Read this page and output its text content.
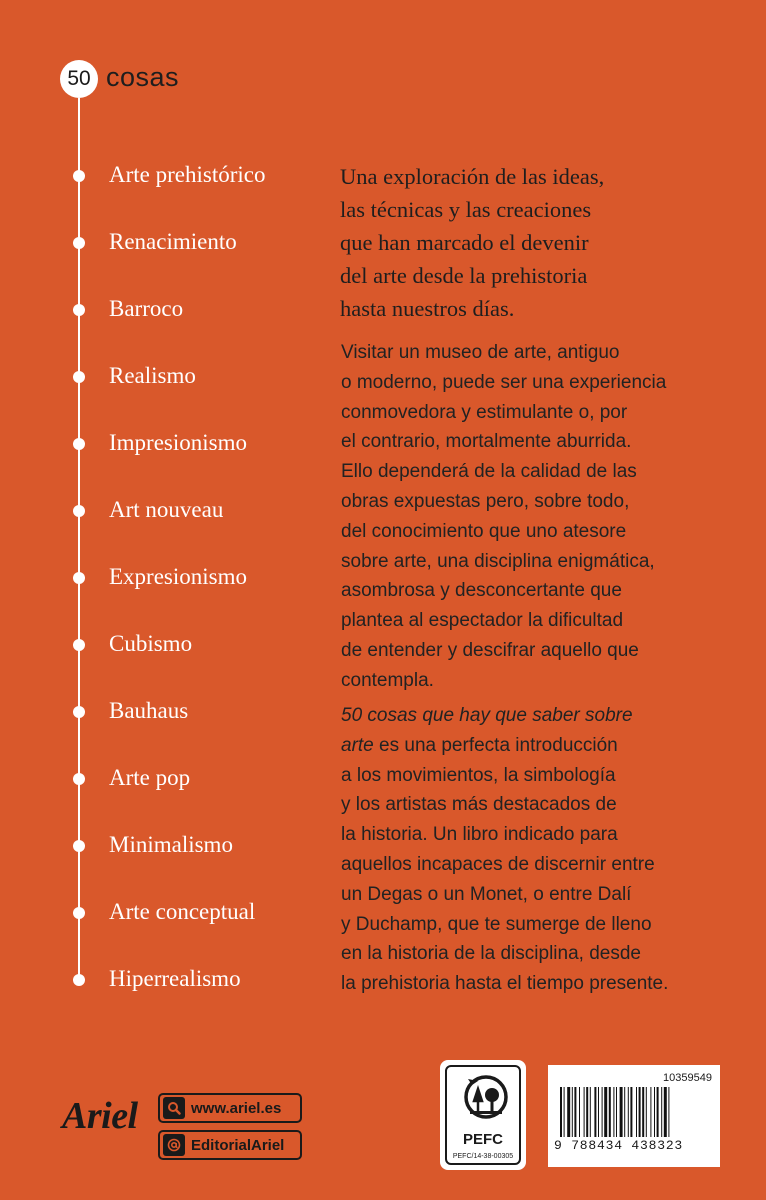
50 cosas
Arte prehistórico
Renacimiento
Barroco
Realismo
Impresionismo
Art nouveau
Expresionismo
Cubismo
Bauhaus
Arte pop
Minimalismo
Arte conceptual
Hiperrealismo
Una exploración de las ideas,
las técnicas y las creaciones
que han marcado el devenir
del arte desde la prehistoria
hasta nuestros días.
Visitar un museo de arte, antiguo
o moderno, puede ser una experiencia
conmovedora y estimulante o, por
el contrario, mortalmente aburrida.
Ello dependerá de la calidad de las
obras expuestas pero, sobre todo,
del conocimiento que uno atesore
sobre arte, una disciplina enigmática,
asombrosa y desconcertante que
plantea al espectador la dificultad
de entender y descifrar aquello que
contempla.
50 cosas que hay que saber sobre
arte es una perfecta introducción
a los movimientos, la simbología
y los artistas más destacados de
la historia. Un libro indicado para
aquellos incapaces de discernir entre
un Degas o un Monet, o entre Dalí
y Duchamp, que te sumerge de lleno
en la historia de la disciplina, desde
la prehistoria hasta el tiempo presente.
Ariel	www.ariel.es
EditorialAriel	PEFC
PEFC/14-38-00305
10359549
9 788434 438323
